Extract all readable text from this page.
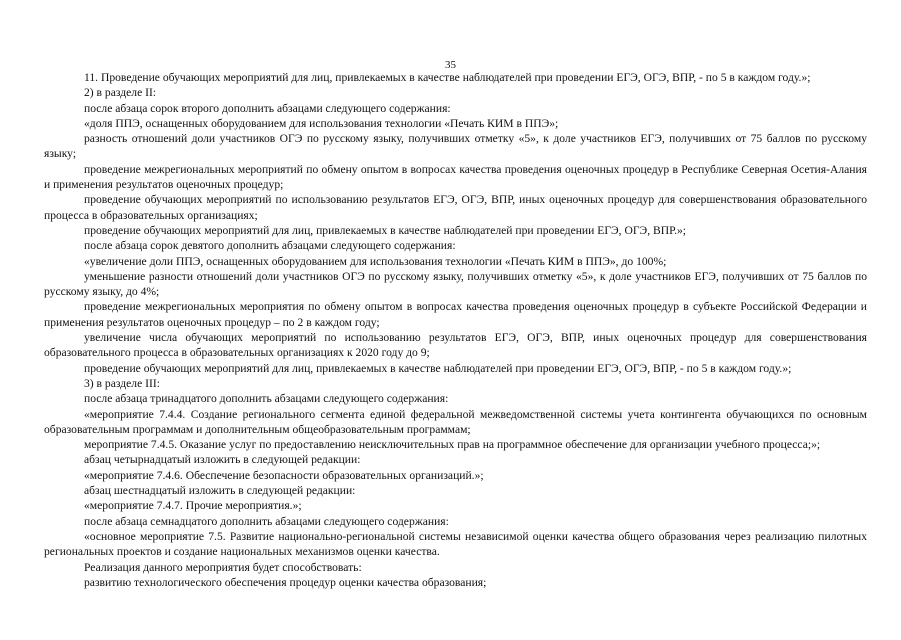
35

11. Проведение обучающих мероприятий для лиц, привлекаемых в качестве наблюдателей при проведении ЕГЭ, ОГЭ, ВПР, - по 5 в каждом году.»;

2) в разделе II:

после абзаца сорок второго дополнить абзацами следующего содержания:

«доля ППЭ, оснащенных оборудованием для использования технологии «Печать КИМ в ППЭ»;

разность отношений доли участников ОГЭ по русскому языку, получивших отметку «5», к доле участников ЕГЭ, получивших от 75 баллов по русскому языку;

проведение межрегиональных мероприятий по обмену опытом в вопросах качества проведения оценочных процедур в Республике Северная Осетия-Алания и применения результатов оценочных процедур;

проведение обучающих мероприятий по использованию результатов ЕГЭ, ОГЭ, ВПР, иных оценочных процедур для совершенствования образовательного процесса в образовательных организациях;

проведение обучающих мероприятий для лиц, привлекаемых в качестве наблюдателей при проведении ЕГЭ, ОГЭ, ВПР.»;

после абзаца сорок девятого дополнить абзацами следующего содержания:

«увеличение доли ППЭ, оснащенных оборудованием для использования технологии «Печать КИМ в ППЭ», до 100%;

уменьшение разности отношений доли участников ОГЭ по русскому языку, получивших отметку «5», к доле участников ЕГЭ, получивших от 75 баллов по русскому языку, до 4%;

проведение межрегиональных мероприятия по обмену опытом в вопросах качества проведения оценочных процедур в субъекте Российской Федерации и применения результатов оценочных процедур – по 2 в каждом году;

увеличение числа обучающих мероприятий по использованию результатов ЕГЭ, ОГЭ, ВПР, иных оценочных процедур для совершенствования образовательного процесса в образовательных организациях к 2020 году до 9;

проведение обучающих мероприятий для лиц, привлекаемых в качестве наблюдателей при проведении ЕГЭ, ОГЭ, ВПР, - по 5 в каждом году.»;

3) в разделе III:

после абзаца тринадцатого дополнить абзацами следующего содержания:

«мероприятие 7.4.4. Создание регионального сегмента единой федеральной межведомственной системы учета контингента обучающихся по основным образовательным программам и дополнительным общеобразовательным программам;

мероприятие 7.4.5. Оказание услуг по предоставлению неисключительных прав на программное обеспечение для организации учебного процесса;»;

абзац четырнадцатый изложить в следующей редакции:

«мероприятие 7.4.6. Обеспечение безопасности образовательных организаций.»;

абзац шестнадцатый изложить в следующей редакции:

«мероприятие 7.4.7. Прочие мероприятия.»;

после абзаца семнадцатого дополнить абзацами следующего содержания:

«основное мероприятие 7.5. Развитие национально-региональной системы независимой оценки качества общего образования через реализацию пилотных региональных проектов и создание национальных механизмов оценки качества.

Реализация данного мероприятия будет способствовать:

развитию технологического обеспечения процедур оценки качества образования;
